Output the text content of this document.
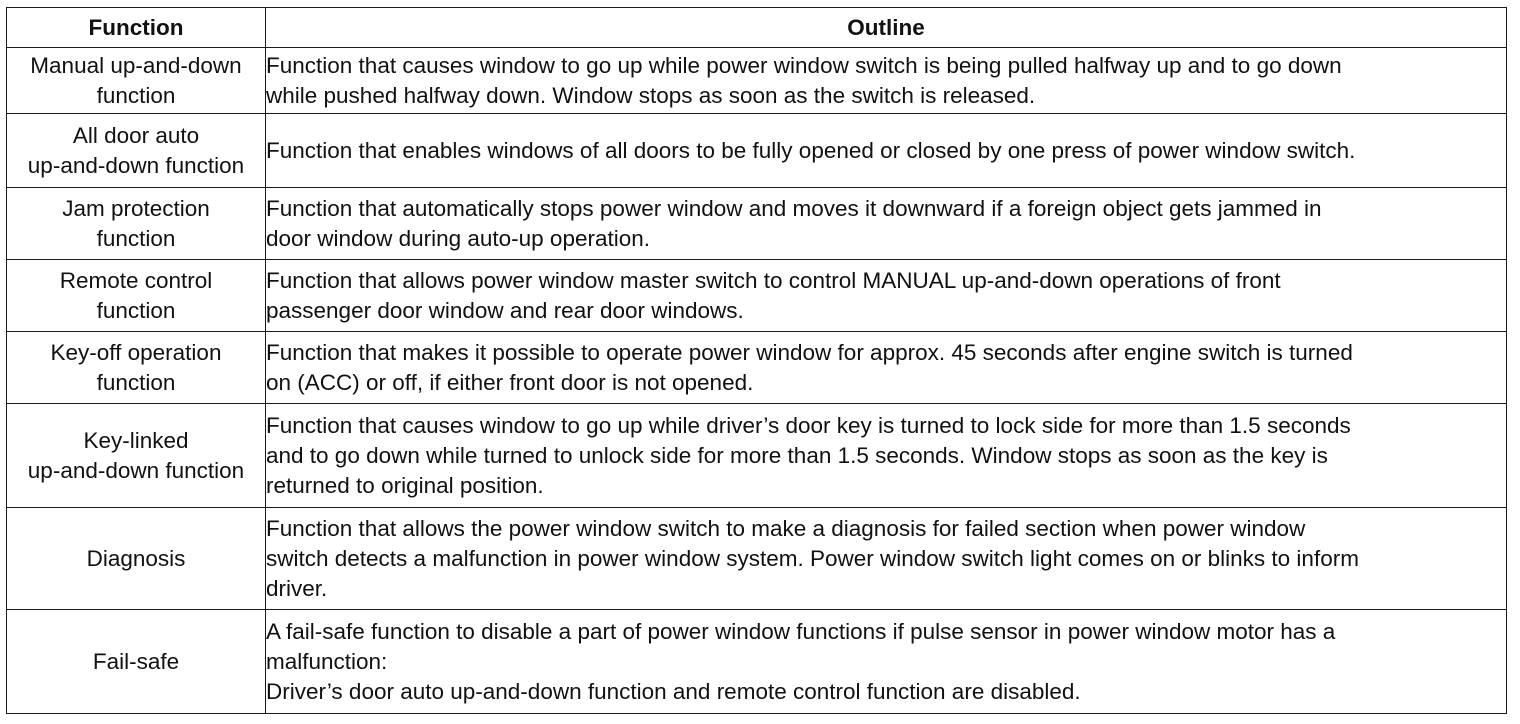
Function	Outline

Manual up-and-down
function	Function that causes window to go up while power window switch is being pulled halfway up and to go down
while pushed halfway down. Window stops as soon as the switch is released.

All door auto
up-and-down function	Function that enables windows of all doors to be fully opened or closed by one press of power window switch.

Jam protection
function	Function that automatically stops power window and moves it downward if a foreign object gets jammed in
door window during auto-up operation.

Remote control
function	Function that allows power window master switch to control MANUAL up-and-down operations of front
passenger door window and rear door windows.

Key-off operation
function	Function that makes it possible to operate power window for approx. 45 seconds after engine switch is turned
on (ACC) or off, if either front door is not opened.

Key-linked
up-and-down function	Function that causes window to go up while driver’s door key is turned to lock side for more than 1.5 seconds
and to go down while turned to unlock side for more than 1.5 seconds. Window stops as soon as the key is
returned to original position.

Diagnosis	Function that allows the power window switch to make a diagnosis for failed section when power window
switch detects a malfunction in power window system. Power window switch light comes on or blinks to inform
driver.

Fail-safe	A fail-safe function to disable a part of power window functions if pulse sensor in power window motor has a
malfunction:
Driver’s door auto up-and-down function and remote control function are disabled.
